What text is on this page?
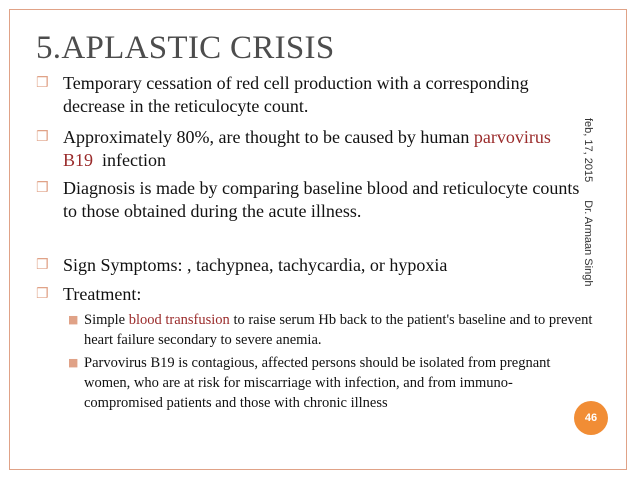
5.APLASTIC CRISIS
❒ Temporary cessation of red cell production with a corresponding decrease in the reticulocyte count.
❒ Approximately 80%, are thought to be caused by human parvovirus B19  infection
❒ Diagnosis is made by comparing baseline blood and reticulocyte counts to those obtained during the acute illness.
❒ Sign Symptoms: , tachypnea, tachycardia, or hypoxia
❒ Treatment:
■ Simple blood transfusion to raise serum Hb back to the patient's baseline and to prevent heart failure secondary to severe anemia.
■ Parvovirus B19 is contagious, affected persons should be isolated from pregnant women, who are at risk for miscarriage with infection, and from immuno-compromised patients and those with chronic illness
feb, 17, 2015Dr. Armaan Singh
46
